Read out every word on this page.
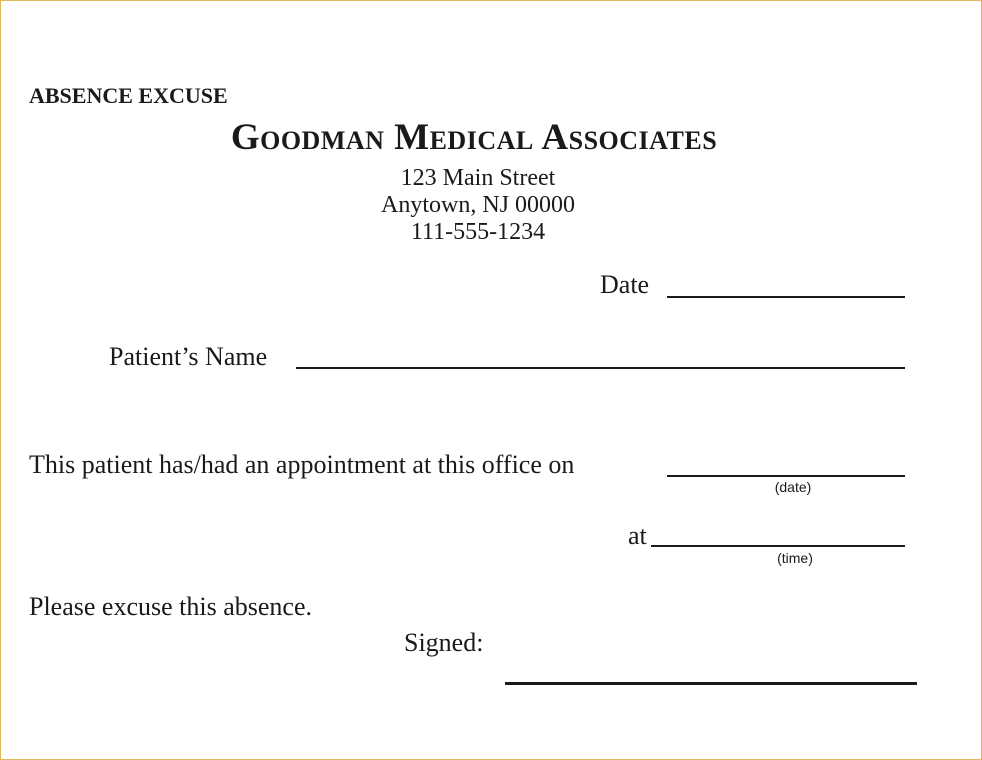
ABSENCE EXCUSE
Goodman Medical Associates
123 Main Street
Anytown, NJ 00000
111-555-1234
Date
Patient’s Name
This patient has/had an appointment at this office on
(date)
at
(time)
Please excuse this absence.
Signed:
